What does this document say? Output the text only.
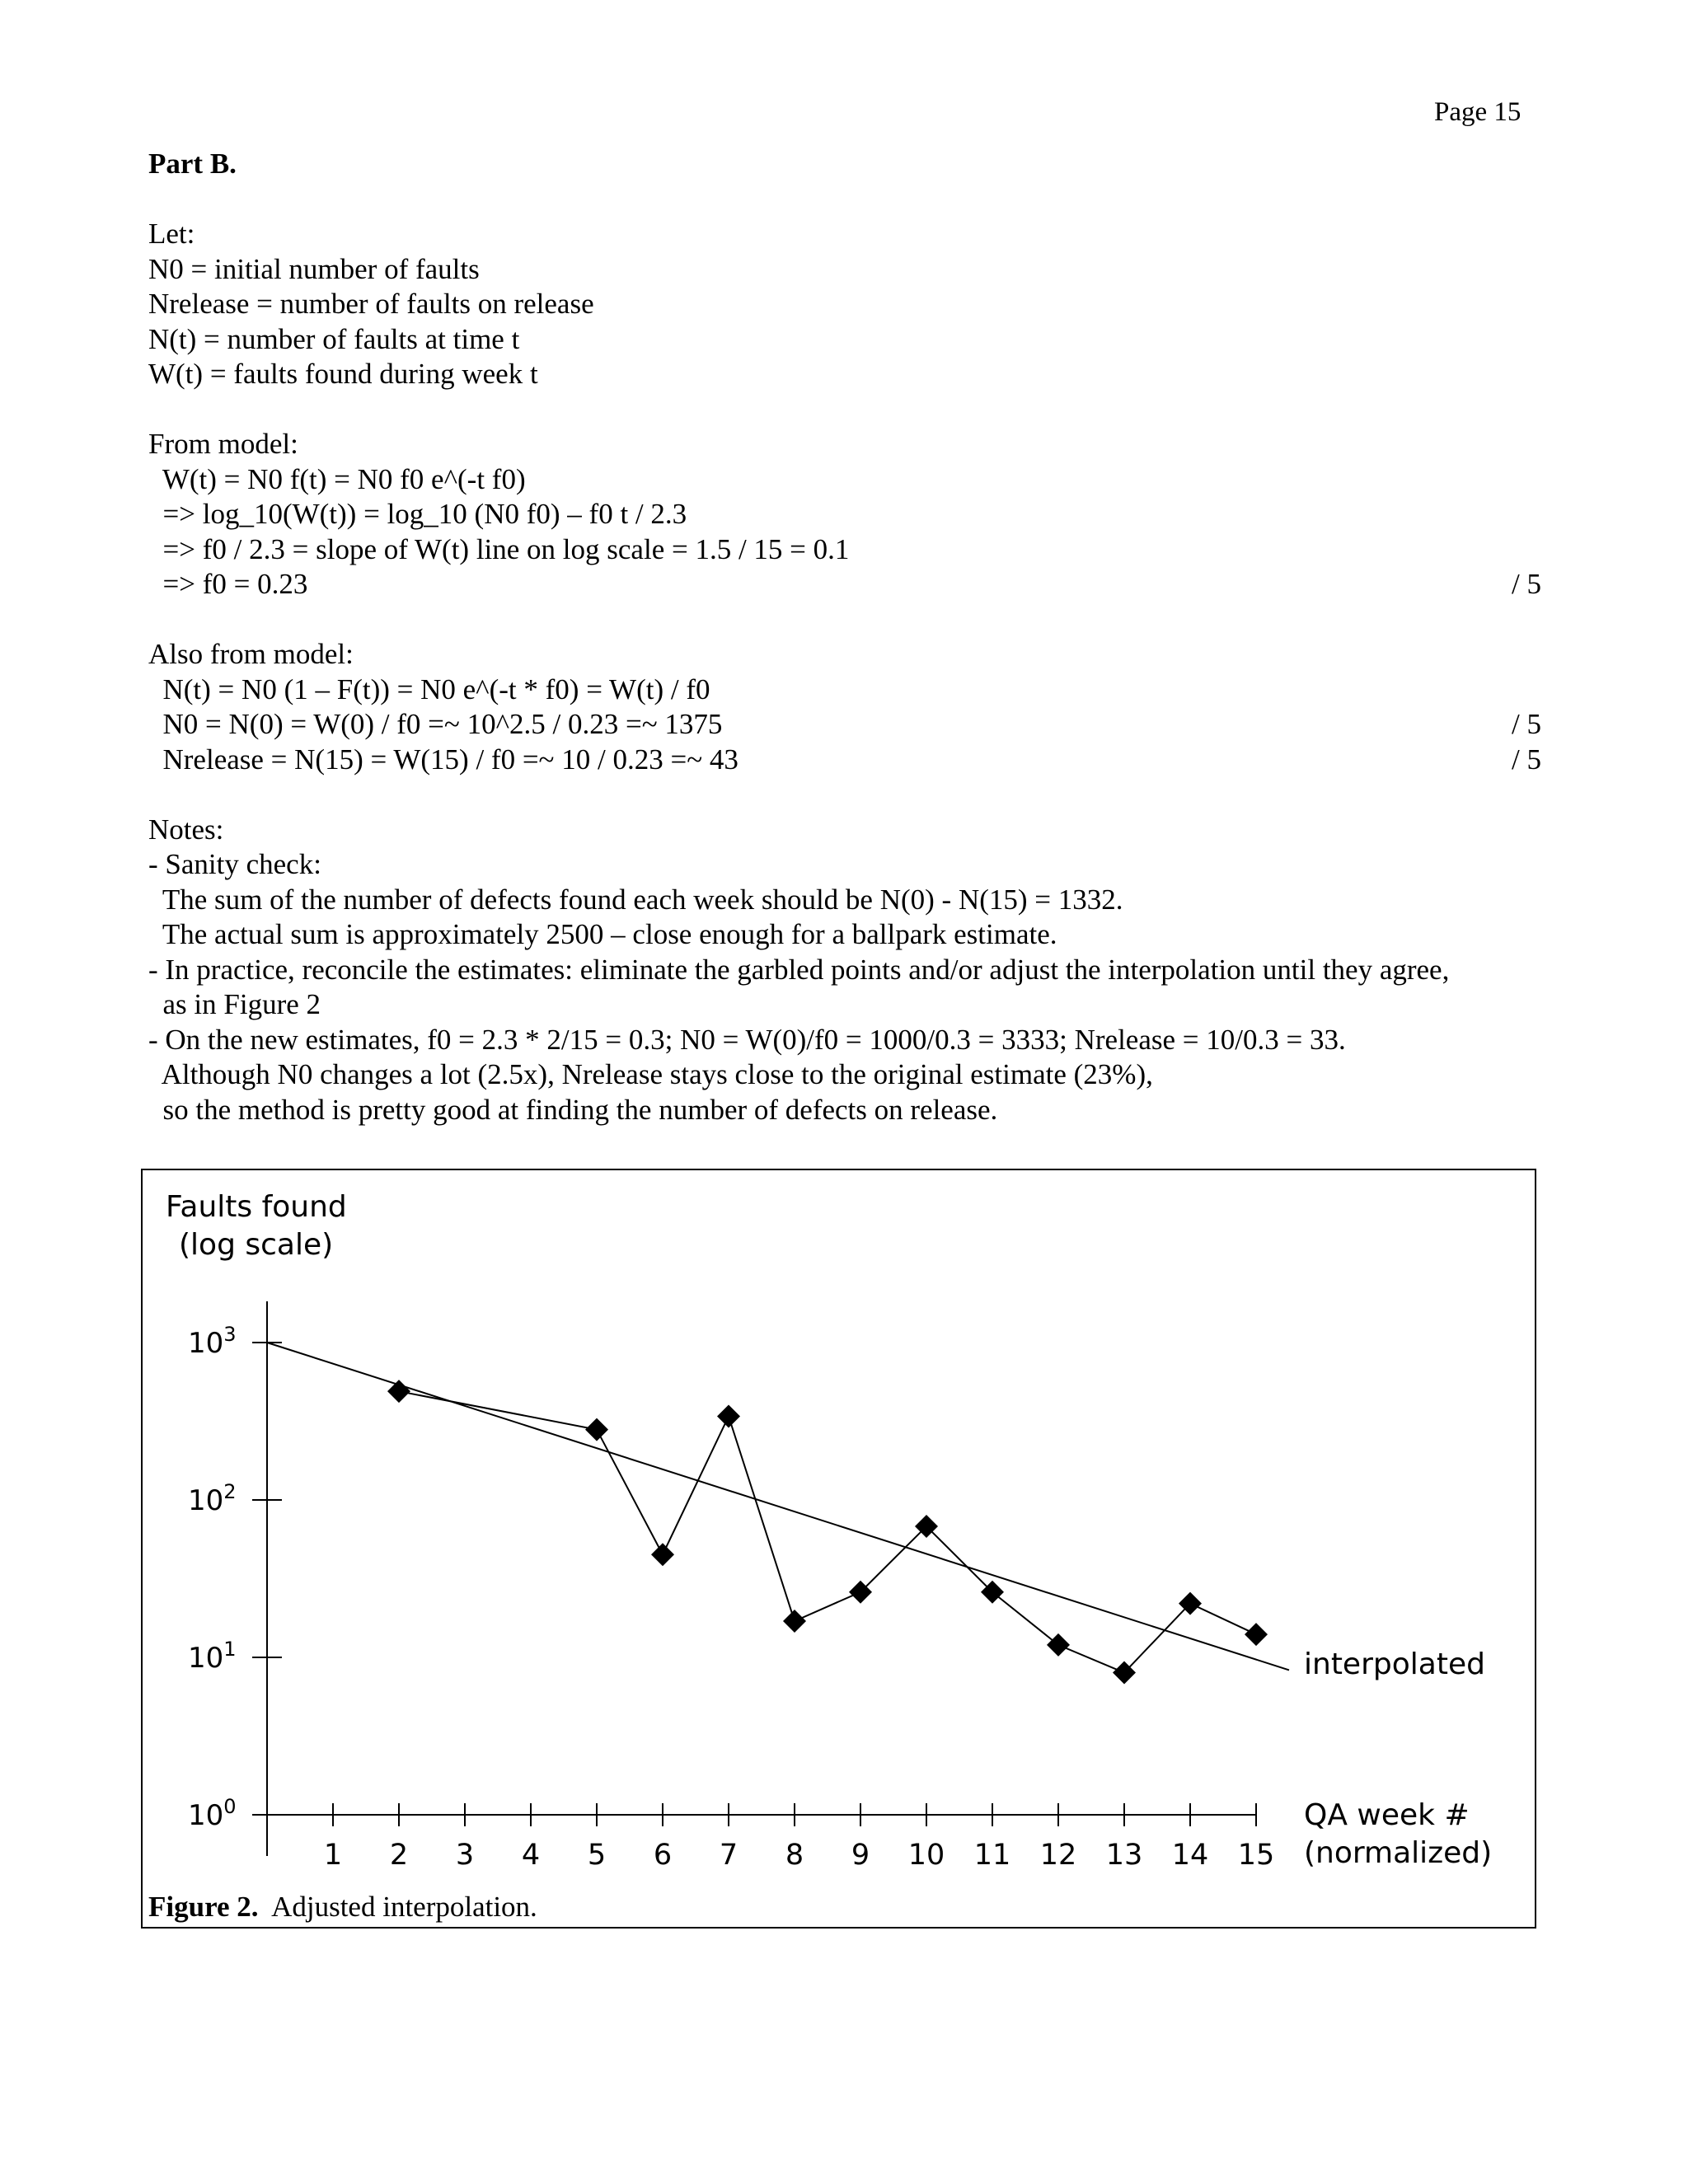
Page 15
Part B.
Let:
N0 = initial number of faults
Nrelease = number of faults on release
N(t) = number of faults at time t
W(t) = faults found during week t
From model:
W(t) = N0 f(t) = N0 f0 e^(-t f0)
=> log_10(W(t)) = log_10 (N0 f0) – f0 t / 2.3
=> f0 / 2.3 = slope of W(t) line on log scale = 1.5 / 15 = 0.1
=> f0 = 0.23	/ 5
Also from model:
N(t) = N0 (1 – F(t)) = N0 e^(-t * f0) = W(t) / f0
N0 = N(0) = W(0) / f0 =~ 10^2.5 / 0.23 =~ 1375	/ 5
Nrelease = N(15) = W(15) / f0 =~ 10 / 0.23 =~ 43	/ 5
Notes:
- Sanity check:
The sum of the number of defects found each week should be N(0) - N(15) = 1332.
The actual sum is approximately 2500 – close enough for a ballpark estimate.
- In practice, reconcile the estimates: eliminate the garbled points and/or adjust the interpolation until they agree,
as in Figure 2
- On the new estimates, f0 = 2.3 * 2/15 = 0.3; N0 = W(0)/f0 = 1000/0.3 = 3333; Nrelease = 10/0.3 = 33.
Although N0 changes a lot (2.5x), Nrelease stays close to the original estimate (23%),
so the method is pretty good at finding the number of defects on release.
$10^0$
$10^1$
$10^2$
$10^3$
1 2 3 4 5 6 7 8 9 10 11 12 13 14 15
Faults found
(log scale)
QA week #
(normalized)
interpolated
Figure 2.  Adjusted interpolation.
